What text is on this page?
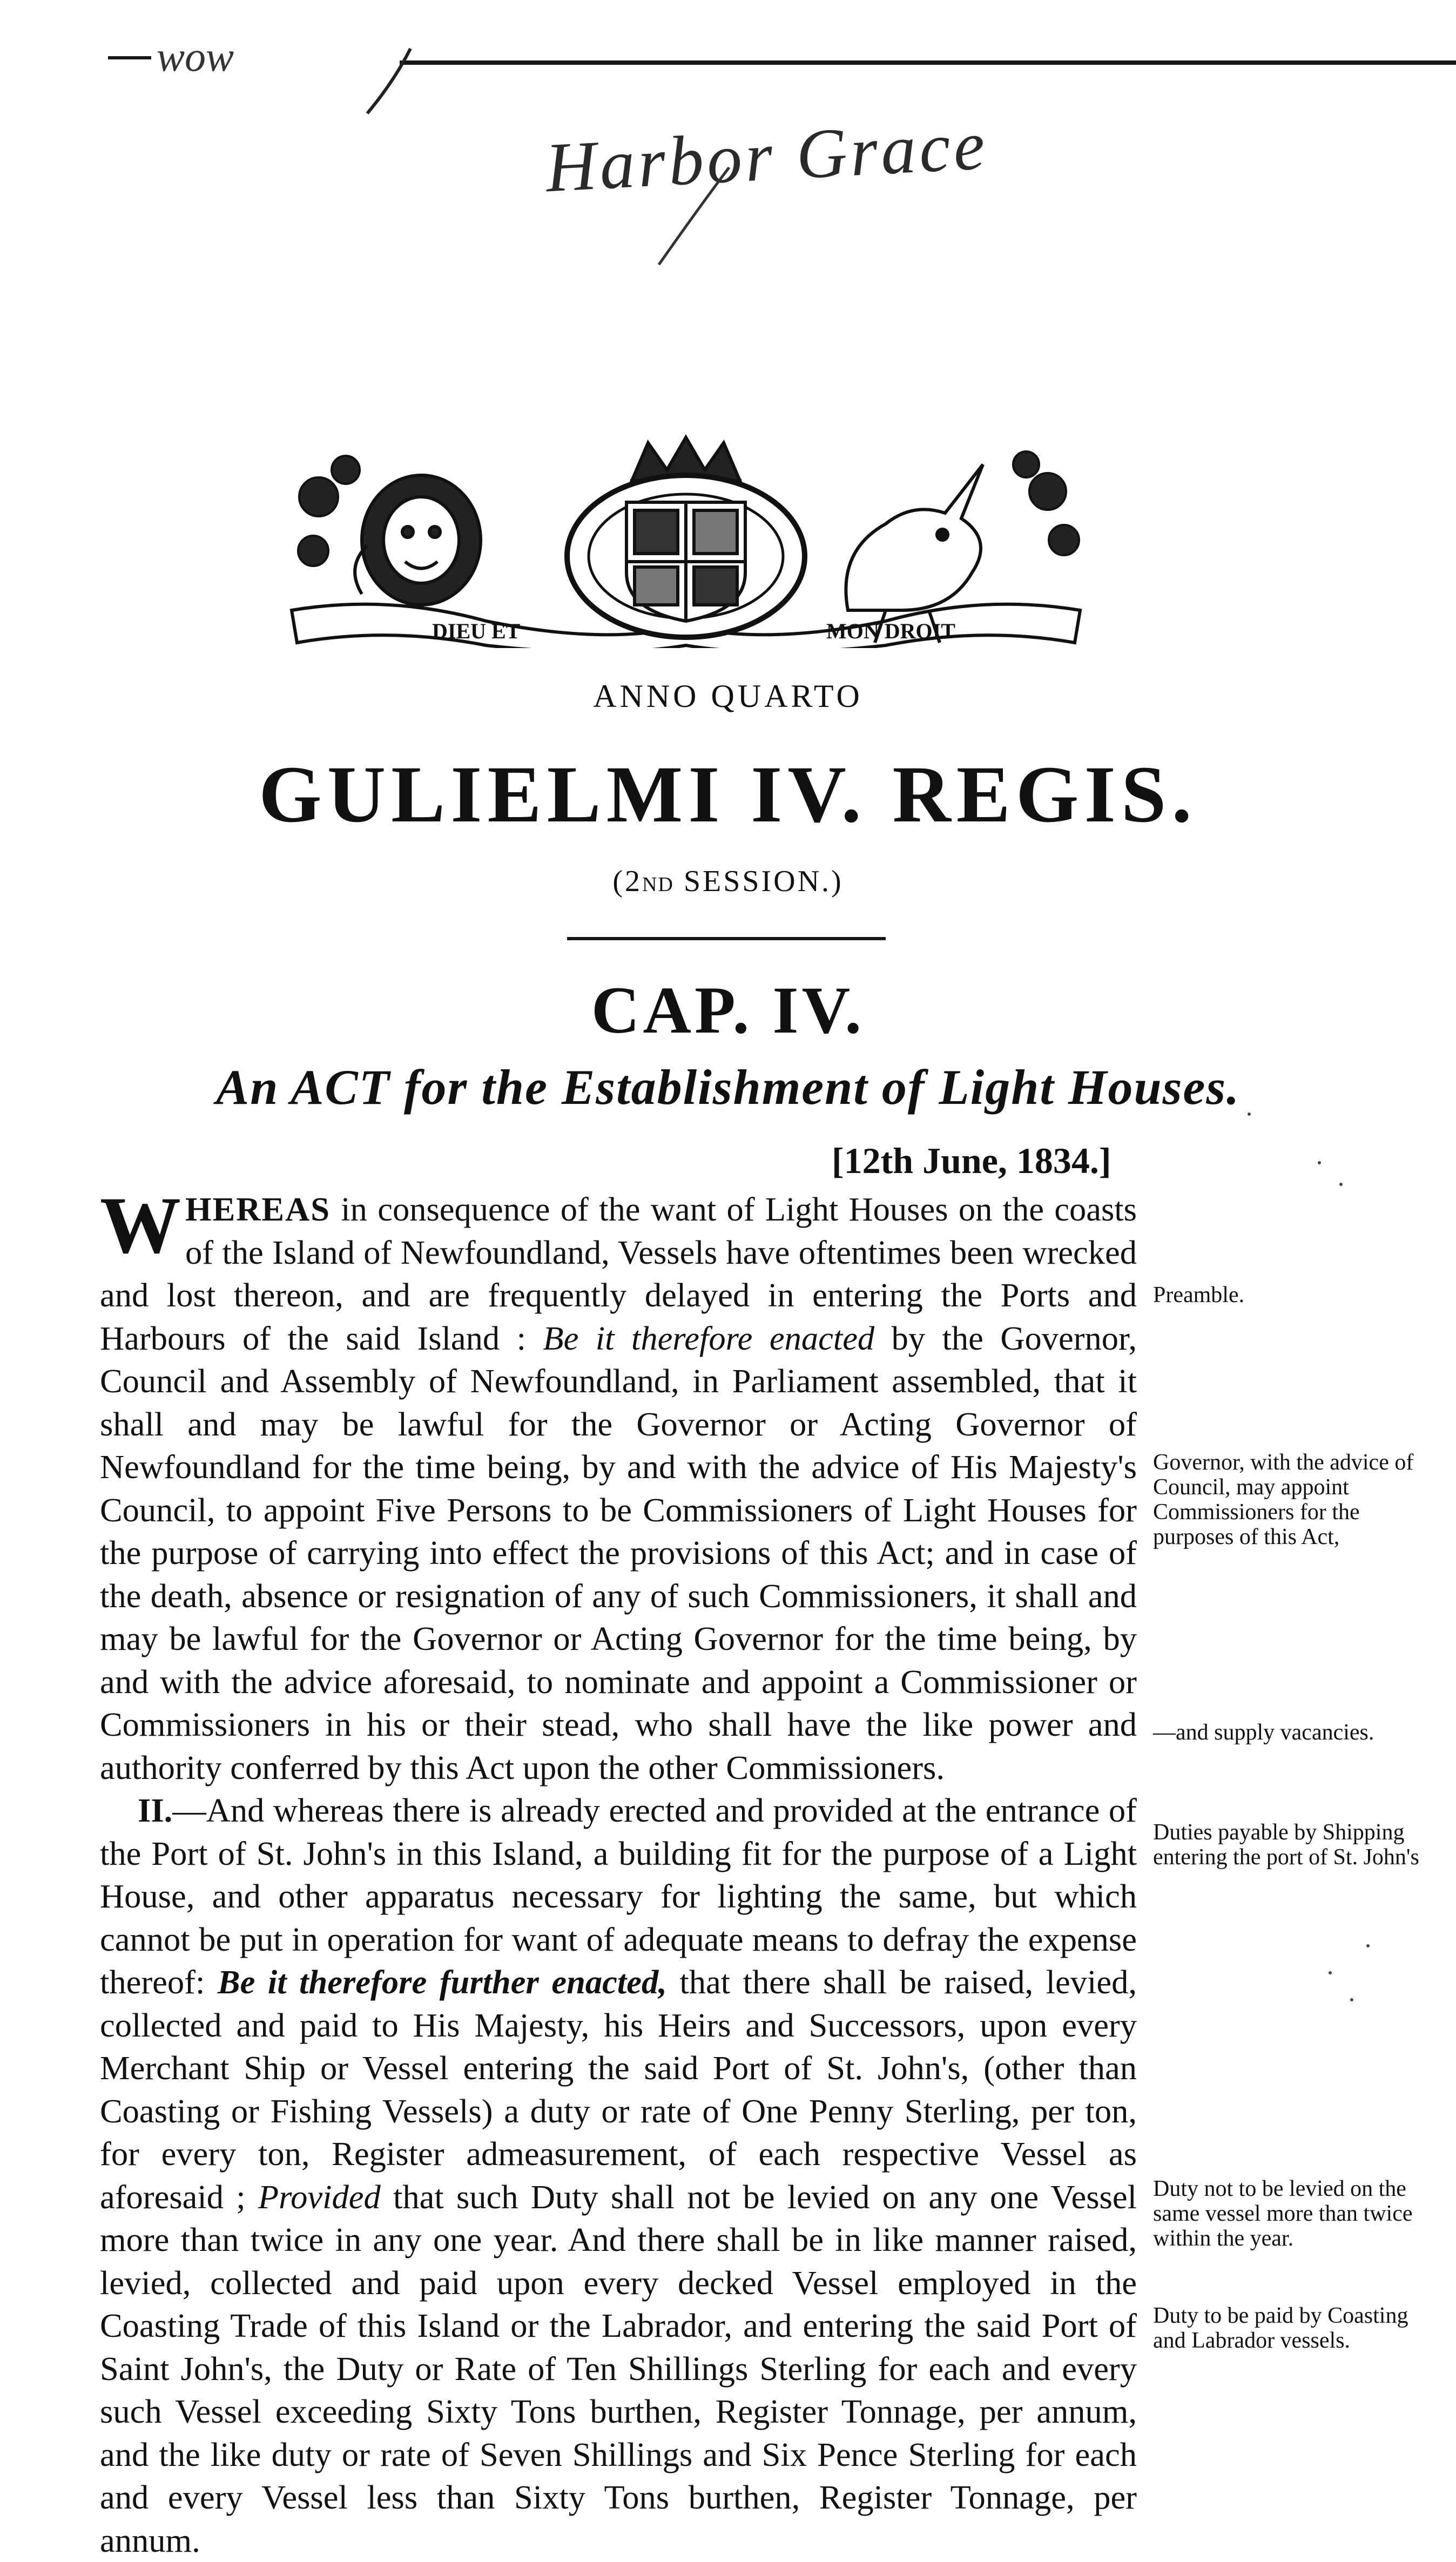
wow
Harbor Grace
DIEU ET	MON DROIT
ANNO QUARTO
GULIELMI IV. REGIS.
(2ND SESSION.)
CAP. IV.
An ACT for the Establishment of Light Houses.
[12th June, 1834.]

WHEREAS in consequence of the want of Light Houses on the coasts of the Island of Newfoundland, Vessels have oftentimes been wrecked and lost thereon, and are frequently delayed in entering the Ports and Harbours of the said Island : Be it therefore enacted by the Governor, Council and Assembly of Newfoundland, in Parliament assembled, that it shall and may be lawful for the Governor or Acting Governor of Newfoundland for the time being, by and with the advice of His Majesty's Council, to appoint Five Persons to be Commissioners of Light Houses for the purpose of carrying into effect the provisions of this Act; and in case of the death, absence or resignation of any of such Commissioners, it shall and may be lawful for the Governor or Acting Governor for the time being, by and with the advice aforesaid, to nominate and appoint a Commissioner or Commissioners in his or their stead, who shall have the like power and authority conferred by this Act upon the other Commissioners.

II.—And whereas there is already erected and provided at the entrance of the Port of St. John's in this Island, a building fit for the purpose of a Light House, and other apparatus necessary for lighting the same, but which cannot be put in operation for want of adequate means to defray the expense thereof: Be it therefore further enacted, that there shall be raised, levied, collected and paid to His Majesty, his Heirs and Successors, upon every Merchant Ship or Vessel entering the said Port of St. John's, (other than Coasting or Fishing Vessels) a duty or rate of One Penny Sterling, per ton, for every ton, Register admeasurement, of each respective Vessel as aforesaid ; Provided that such Duty shall not be levied on any one Vessel more than twice in any one year. And there shall be in like manner raised, levied, collected and paid upon every decked Vessel employed in the Coasting Trade of this Island or the Labrador, and entering the said Port of Saint John's, the Duty or Rate of Ten Shillings Sterling for each and every such Vessel exceeding Sixty Tons burthen, Register Tonnage, per annum, and the like duty or rate of Seven Shillings and Six Pence Sterling for each and every Vessel less than Sixty Tons burthen, Register Tonnage, per annum.

Preamble.
Governor, with the advice of Council, may appoint Commissioners for the purposes of this Act,
—and supply vacancies.
Duties payable by Shipping entering the port of St. John's
Duty not to be levied on the same vessel more than twice within the year.
Duty to be paid by Coasting and Labrador vessels.
